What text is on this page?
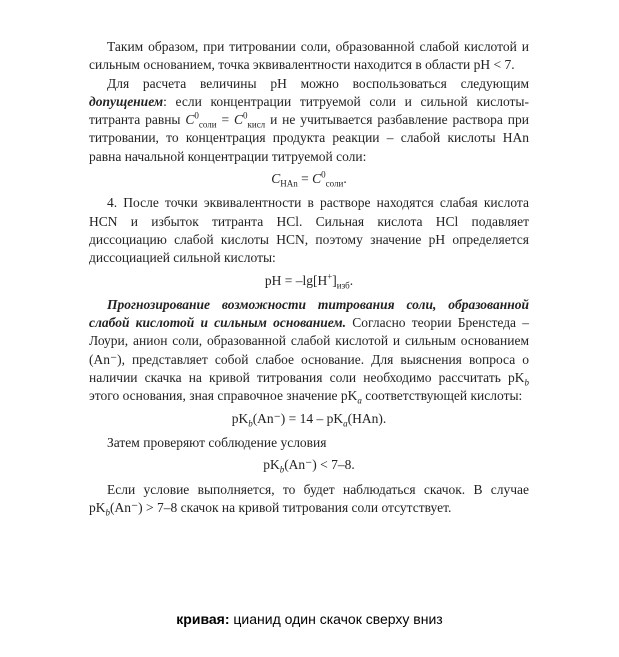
Таким образом, при титровании соли, образованной слабой кислотой и сильным основанием, точка эквивалентности находится в области pH < 7.

Для расчета величины pH можно воспользоваться следующим допущением: если концентрации титруемой соли и сильной кислоты-титранта равны $C^0_{соли} = C^0_{кисл}$ и не учитывается разбавление раствора при титровании, то концентрация продукта реакции – слабой кислоты HAn равна начальной концентрации титруемой соли:

$C_{HAn} = C^0_{соли}$.

4. После точки эквивалентности в растворе находятся слабая кислота HCN и избыток титранта HCl. Сильная кислота HCl подавляет диссоциацию слабой кислоты HCN, поэтому значение pH определяется диссоциацией сильной кислоты:

pH = $-\lg[H^+]_{изб}$.

Прогнозирование возможности титрования соли, образованной слабой кислотой и сильным основанием. Согласно теории Бренстеда – Лоури, анион соли, образованной слабой кислотой и сильным основанием (An⁻), представляет собой слабое основание. Для выяснения вопроса о наличии скачка на кривой титрования соли необходимо рассчитать $pK_b$ этого основания, зная справочное значение $pK_a$ соответствующей кислоты:

$pK_b(An^-) = 14 - pK_a(HAn)$.

Затем проверяют соблюдение условия

$pK_b(An^-) < 7-8$.

Если условие выполняется, то будет наблюдаться скачок. В случае $pK_b(An^-) > 7-8$ скачок на кривой титрования соли отсутствует.

кривая: цианид один скачок сверху вниз
